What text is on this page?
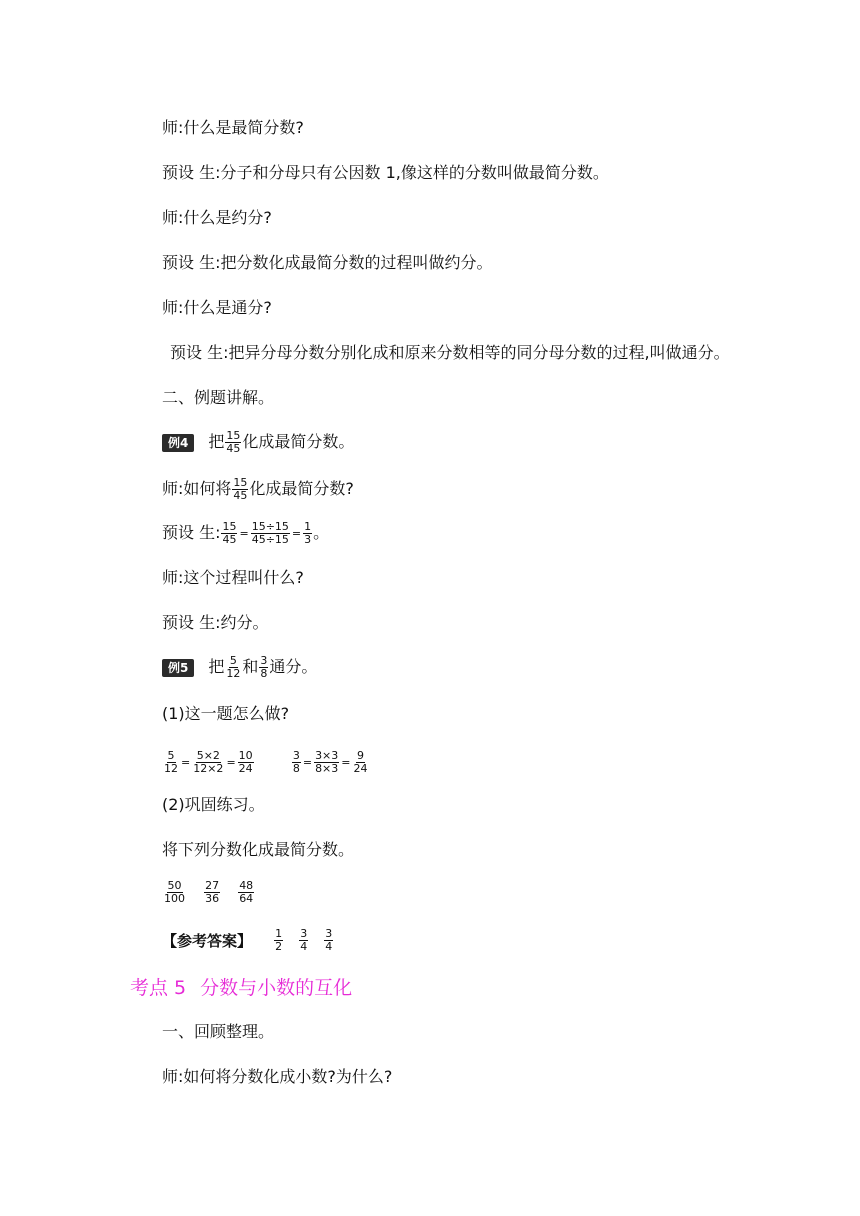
师:什么是最简分数?
预设 生:分子和分母只有公因数 1,像这样的分数叫做最简分数。
师:什么是约分?
预设 生:把分数化成最简分数的过程叫做约分。
师:什么是通分?
预设 生:把异分母分数分别化成和原来分数相等的同分母分数的过程,叫做通分。
二、例题讲解。
例4 把 $\frac{15}{45}$ 化成最简分数。
师:如何将 $\frac{15}{45}$ 化成最简分数?
预设 生: $\frac{15}{45} = \frac{15\div 15}{45\div 15} = \frac{1}{3}$ 。
师:这个过程叫什么?
预设 生:约分。
例5 把 $\frac{5}{12}$ 和 $\frac{3}{8}$ 通分。
(1)这一题怎么做?
$\frac{5}{12} = \frac{5\times 2}{12\times 2} = \frac{10}{24}$
	$\frac{3}{8} = \frac{3\times 3}{8\times 3} = \frac{9}{24}$
(2)巩固练习。
将下列分数化成最简分数。
$\frac{50}{100}$
$\frac{27}{36}$
$\frac{48}{64}$
【参考答案】 $\frac{1}{2}$
$\frac{3}{4}$
$\frac{3}{4}$
考点 5 分数与小数的互化
一、回顾整理。
师:如何将分数化成小数?为什么?
